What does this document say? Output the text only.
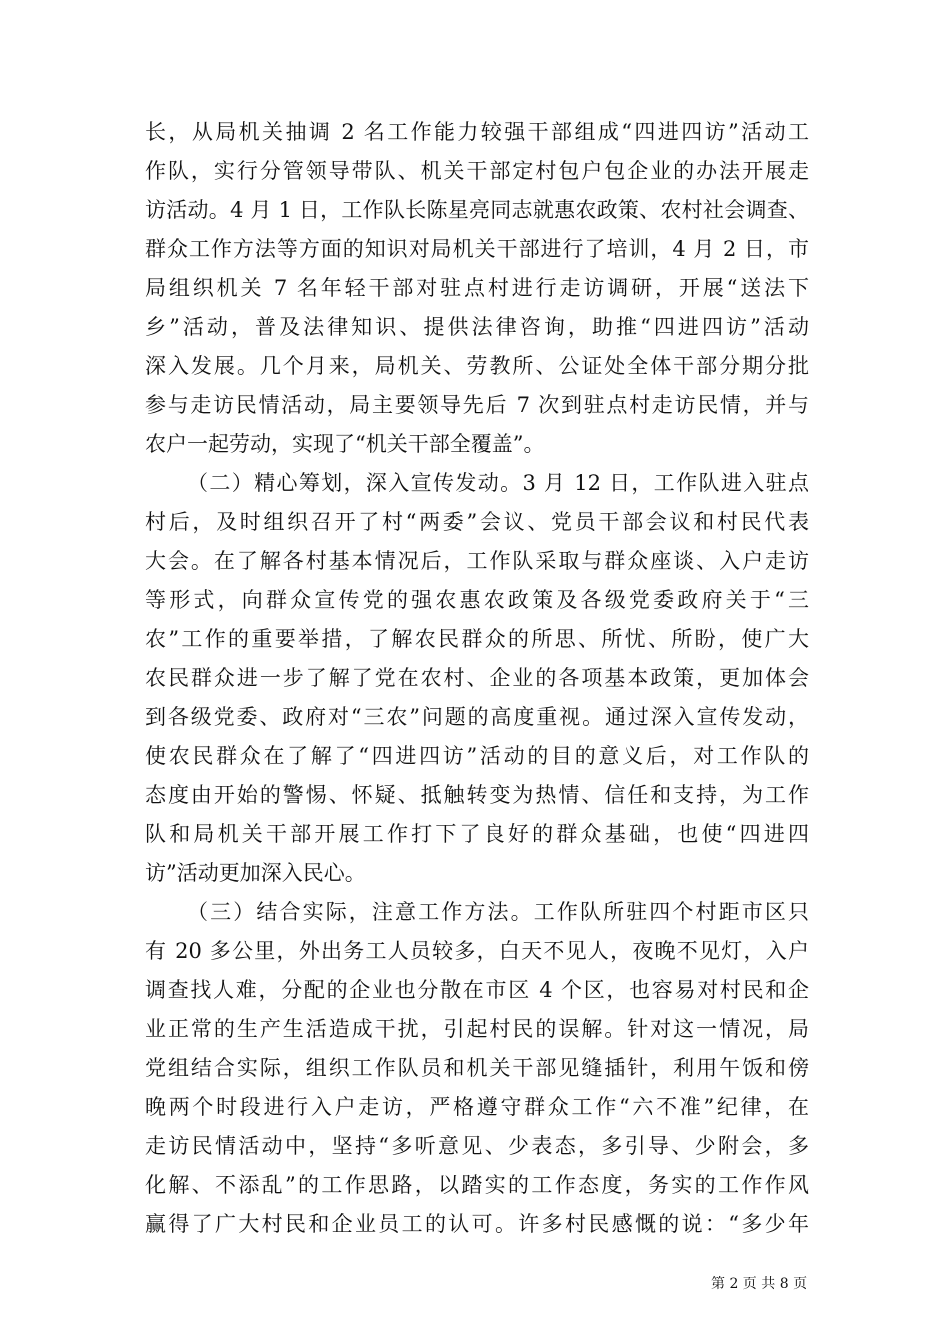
长，从局机关抽调 2 名工作能力较强干部组成“四进四访”活动工
作队，实行分管领导带队、机关干部定村包户包企业的办法开展走
访活动。4 月 1 日，工作队长陈星亮同志就惠农政策、农村社会调查、
群众工作方法等方面的知识对局机关干部进行了培训，4 月 2 日，市
局组织机关 7 名年轻干部对驻点村进行走访调研，开展“送法下
乡”活动，普及法律知识、提供法律咨询，助推“四进四访”活动
深入发展。几个月来，局机关、劳教所、公证处全体干部分期分批
参与走访民情活动，局主要领导先后 7 次到驻点村走访民情，并与
农户一起劳动，实现了“机关干部全覆盖”。
（二）精心筹划，深入宣传发动。3 月 12 日，工作队进入驻点
村后，及时组织召开了村“两委”会议、党员干部会议和村民代表
大会。在了解各村基本情况后，工作队采取与群众座谈、入户走访
等形式，向群众宣传党的强农惠农政策及各级党委政府关于“三
农”工作的重要举措，了解农民群众的所思、所忧、所盼，使广大
农民群众进一步了解了党在农村、企业的各项基本政策，更加体会
到各级党委、政府对“三农”问题的高度重视。通过深入宣传发动，
使农民群众在了解了“四进四访”活动的目的意义后，对工作队的
态度由开始的警惕、怀疑、抵触转变为热情、信任和支持，为工作
队和局机关干部开展工作打下了良好的群众基础，也使“四进四
访”活动更加深入民心。
（三）结合实际，注意工作方法。工作队所驻四个村距市区只
有 20 多公里，外出务工人员较多，白天不见人，夜晚不见灯，入户
调查找人难，分配的企业也分散在市区 4 个区，也容易对村民和企
业正常的生产生活造成干扰，引起村民的误解。针对这一情况，局
党组结合实际，组织工作队员和机关干部见缝插针，利用午饭和傍
晚两个时段进行入户走访，严格遵守群众工作“六不准”纪律，在
走访民情活动中，坚持“多听意见、少表态，多引导、少附会，多
化解、不添乱”的工作思路，以踏实的工作态度，务实的工作作风
赢得了广大村民和企业员工的认可。许多村民感慨的说：“多少年
第 2 页 共 8 页
